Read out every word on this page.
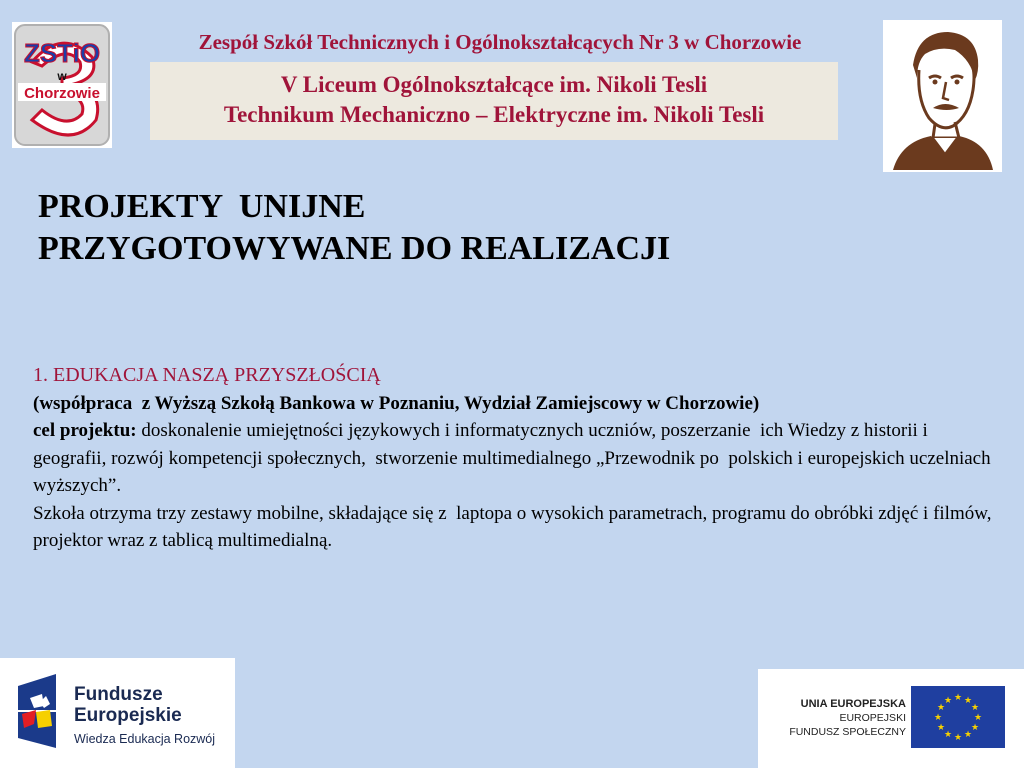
ZSTiO
w
Chorzowie
Zespół Szkół Technicznych i Ogólnokształcących Nr 3 w Chorzowie
V Liceum Ogólnokształcące im. Nikoli Tesli
Technikum Mechaniczno – Elektryczne im. Nikoli Tesli
PROJEKTY  UNIJNE
PRZYGOTOWYWANE DO REALIZACJI
1. EDUKACJA NASZĄ PRZYSZŁOŚCIĄ
(współpraca  z Wyższą Szkołą Bankowa w Poznaniu, Wydział Zamiejscowy w Chorzowie)
cel projektu: doskonalenie umiejętności językowych i informatycznych uczniów, poszerzanie  ich Wiedzy z historii i geografii, rozwój kompetencji społecznych,  stworzenie multimedialnego „Przewodnik po  polskich i europejskich uczelniach wyższych”.
Szkoła otrzyma trzy zestawy mobilne, składające się z  laptopa o wysokich parametrach, programu do obróbki zdjęć i filmów, projektor wraz z tablicą multimedialną.
Fundusze
Europejskie
Wiedza Edukacja Rozwój
UNIA EUROPEJSKA
EUROPEJSKI
FUNDUSZ SPOŁECZNY
★ ★
★
★
★
★
★
★
★
★
★
★
